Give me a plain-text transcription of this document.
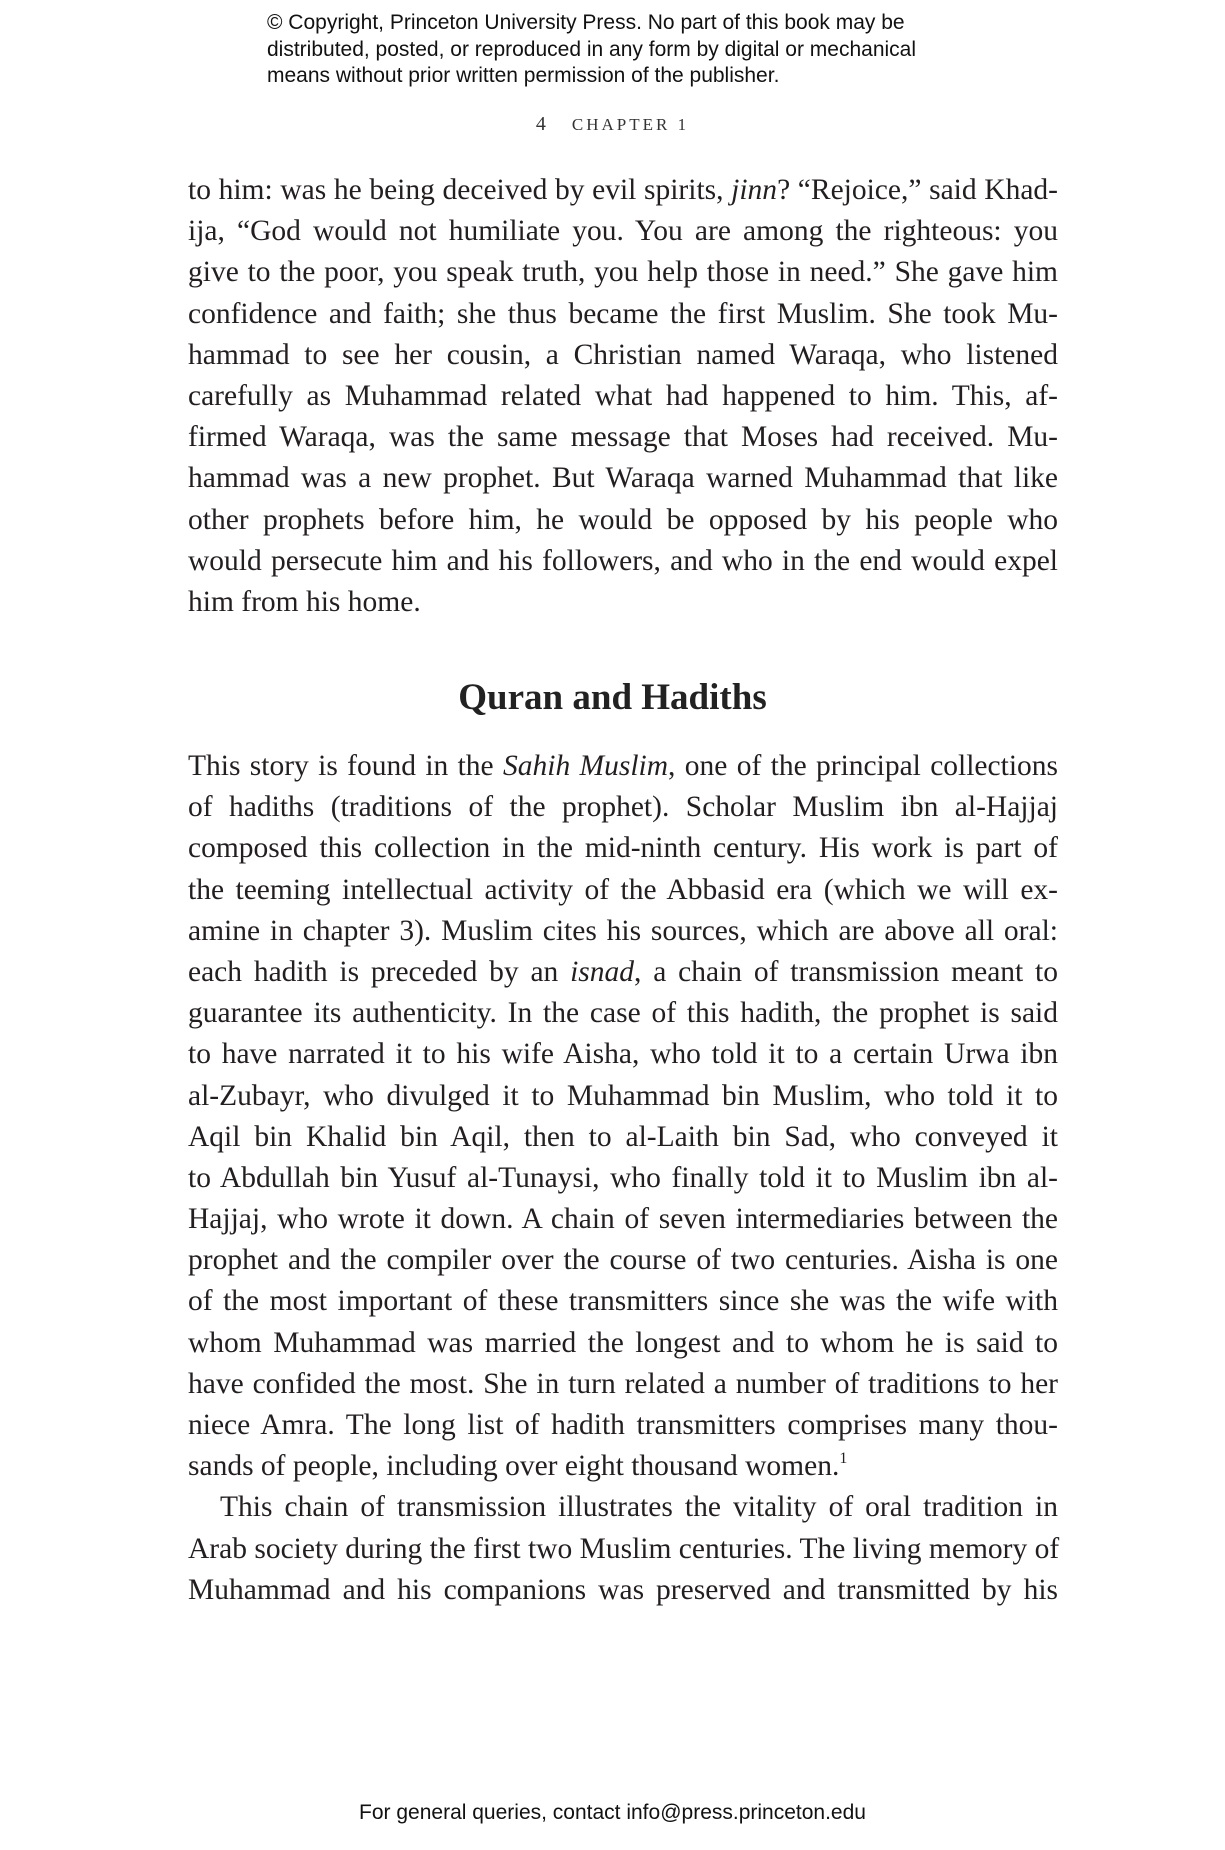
© Copyright, Princeton University Press. No part of this book may be
distributed, posted, or reproduced in any form by digital or mechanical
means without prior written permission of the publisher.
4 CHAPTER 1
to him: was he being deceived by evil spirits, jinn? “Rejoice,” said Khad-
ija, “God would not humiliate you. You are among the righteous: you
give to the poor, you speak truth, you help those in need.” She gave him
confidence and faith; she thus became the first Muslim. She took Mu-
hammad to see her cousin, a Christian named Waraqa, who listened
carefully as Muhammad related what had happened to him. This, af-
firmed Waraqa, was the same message that Moses had received. Mu-
hammad was a new prophet. But Waraqa warned Muhammad that like
other prophets before him, he would be opposed by his people who
would persecute him and his followers, and who in the end would expel
him from his home.
Quran and Hadiths
This story is found in the Sahih Muslim, one of the principal collections
of hadiths (traditions of the prophet). Scholar Muslim ibn al-Hajjaj
composed this collection in the mid-ninth century. His work is part of
the teeming intellectual activity of the Abbasid era (which we will ex-
amine in chapter 3). Muslim cites his sources, which are above all oral:
each hadith is preceded by an isnad, a chain of transmission meant to
guarantee its authenticity. In the case of this hadith, the prophet is said
to have narrated it to his wife Aisha, who told it to a certain Urwa ibn
al-Zubayr, who divulged it to Muhammad bin Muslim, who told it to
Aqil bin Khalid bin Aqil, then to al-Laith bin Sad, who conveyed it
to Abdullah bin Yusuf al-Tunaysi, who finally told it to Muslim ibn al-
Hajjaj, who wrote it down. A chain of seven intermediaries between the
prophet and the compiler over the course of two centuries. Aisha is one
of the most important of these transmitters since she was the wife with
whom Muhammad was married the longest and to whom he is said to
have confided the most. She in turn related a number of traditions to her
niece Amra. The long list of hadith transmitters comprises many thou-
sands of people, including over eight thousand women.$^1$
This chain of transmission illustrates the vitality of oral tradition in
Arab society during the first two Muslim centuries. The living memory of
Muhammad and his companions was preserved and transmitted by his
For general queries, contact info@press.princeton.edu
